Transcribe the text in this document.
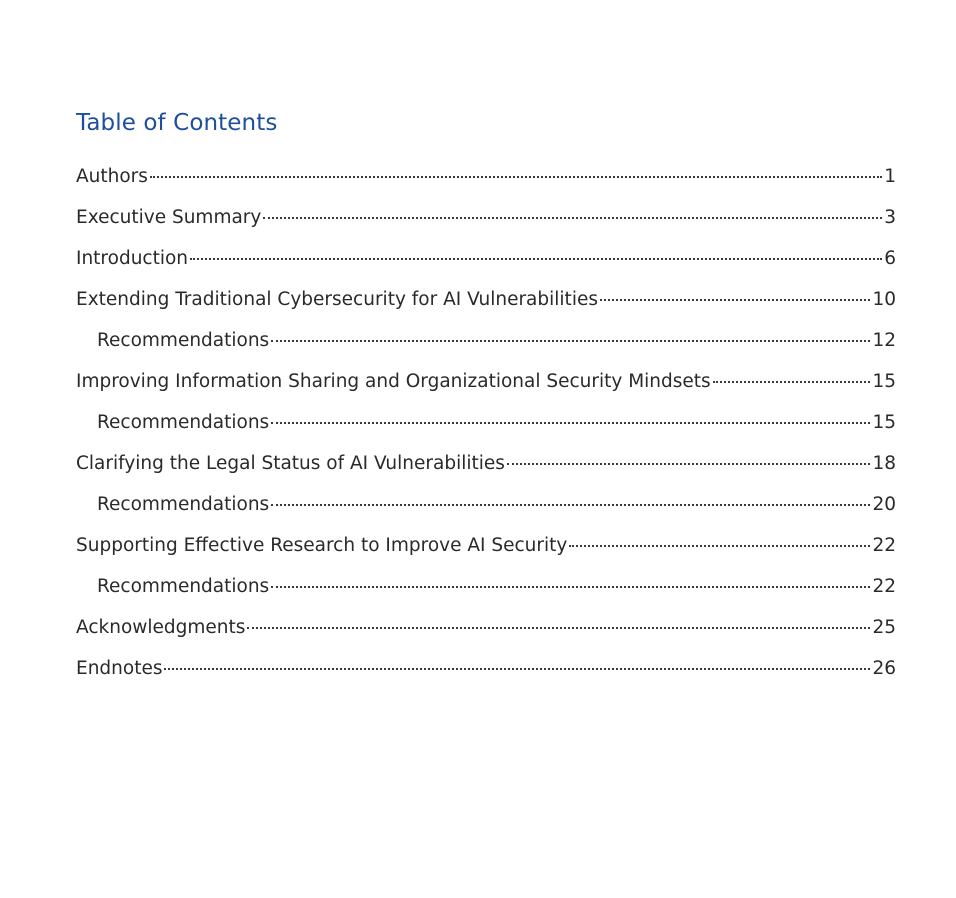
Table of Contents
Authors	1
Executive Summary	3
Introduction	6
Extending Traditional Cybersecurity for AI Vulnerabilities	10
Recommendations	12
Improving Information Sharing and Organizational Security Mindsets	15
Recommendations	15
Clarifying the Legal Status of AI Vulnerabilities	18
Recommendations	20
Supporting Effective Research to Improve AI Security	22
Recommendations	22
Acknowledgments	25
Endnotes	26
